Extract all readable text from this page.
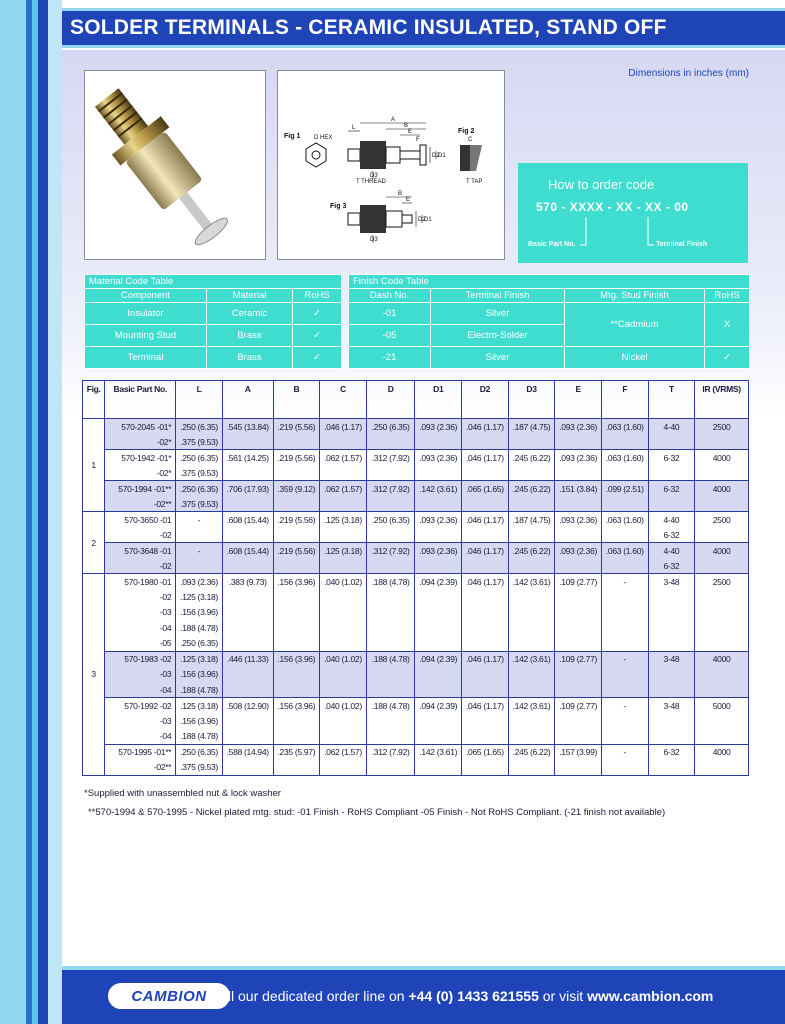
SOLDER TERMINALS - CERAMIC INSULATED, STAND OFF
Dimensions in inches (mm)
Fig 1
Fig 2
Fig 3
D HEX
T THREAD	T TAP
L
A
B
E
F
D2
D1
D3
C
B
E
D2
D1
D3
How to order code
570 - XXXX - XX - XX - 00
Basic Part No.	Terminal Finish
Material Code Table		
Component	Material	RoHS
Insulator	Ceramic	✓
Mounting Stud	Brass	✓
Terminal	Brass	✓
Finish Code Table			
Dash No.	Terminal Finish	Mtg. Stud Finish	RoHS
-01	Silver	**Cadmium	X
-05	Electro-Solder		
-21	Silver	Nickel	✓
Fig.	Basic Part No.	L	A	B	C	D	D1	D2	D3	E	F	T	IR (VRMS)
1	570-2045 -01*	.250 (6.35)	.545 (13.84)	.219 (5.56)	.046 (1.17)	.250 (6.35)	.093 (2.36)	.046 (1.17)	.187 (4.75)	.093 (2.36)	.063 (1.60)	4-40	2500
	-02*	.375 (9.53)											
	570-1942 -01*	.250 (6.35)	.561 (14.25)	.219 (5.56)	.062 (1.57)	.312 (7.92)	.093 (2.36)	.046 (1.17)	.245 (6.22)	.093 (2.36)	.063 (1.60)	6-32	4000
	-02*	.375 (9.53)											
	570-1994 -01**	.250 (6.35)	.706 (17.93)	.359 (9.12)	.062 (1.57)	.312 (7.92)	.142 (3.61)	.065 (1.65)	.245 (6.22)	.151 (3.84)	.099 (2.51)	6-32	4000
	-02**	.375 (9.53)											
2	570-3650 -01	-	.608 (15.44)	.219 (5.56)	.125 (3.18)	.250 (6.35)	.093 (2.36)	.046 (1.17)	.187 (4.75)	.093 (2.36)	.063 (1.60)	4-40	2500
	-02											6-32	
	570-3648 -01	-	.608 (15.44)	.219 (5.56)	.125 (3.18)	.312 (7.92)	.093 (2.36)	.046 (1.17)	.245 (6.22)	.093 (2.36)	.063 (1.60)	4-40	4000
	-02											6-32	
3	570-1980 -01	.093 (2.36)	.383 (9.73)	.156 (3.96)	.040 (1.02)	.188 (4.78)	.094 (2.39)	.046 (1.17)	.142 (3.61)	.109 (2.77)	-	3-48	2500
	-02	.125 (3.18)											
	-03	.156 (3.96)											
	-04	.188 (4.78)											
	-05	.250 (6.35)											
	570-1983 -02	.125 (3.18)	.446 (11.33)	.156 (3.96)	.040 (1.02)	.188 (4.78)	.094 (2.39)	.046 (1.17)	.142 (3.61)	.109 (2.77)	-	3-48	4000
	-03	.156 (3.96)											
	-04	.188 (4.78)											
	570-1992 -02	.125 (3.18)	.508 (12.90)	.156 (3.96)	.040 (1.02)	.188 (4.78)	.094 (2.39)	.046 (1.17)	.142 (3.61)	.109 (2.77)	-	3-48	5000
	-03	.156 (3.96)											
	-04	.188 (4.78)											
	570-1995 -01**	.250 (6.35)	.588 (14.94)	.235 (5.97)	.062 (1.57)	.312 (7.92)	.142 (3.61)	.065 (1.65)	.245 (6.22)	.157 (3.99)	-	6-32	4000
	-02**	.375 (9.53)											
*Supplied with unassembled nut & lock washer
**570-1994 & 570-1995 - Nickel plated mtg. stud: -01 Finish - RoHS Compliant -05 Finish - Not RoHS Compliant. (-21 finish not available)
CAMBION Call our dedicated order line on +44 (0) 1433 621555 or visit www.cambion.com
